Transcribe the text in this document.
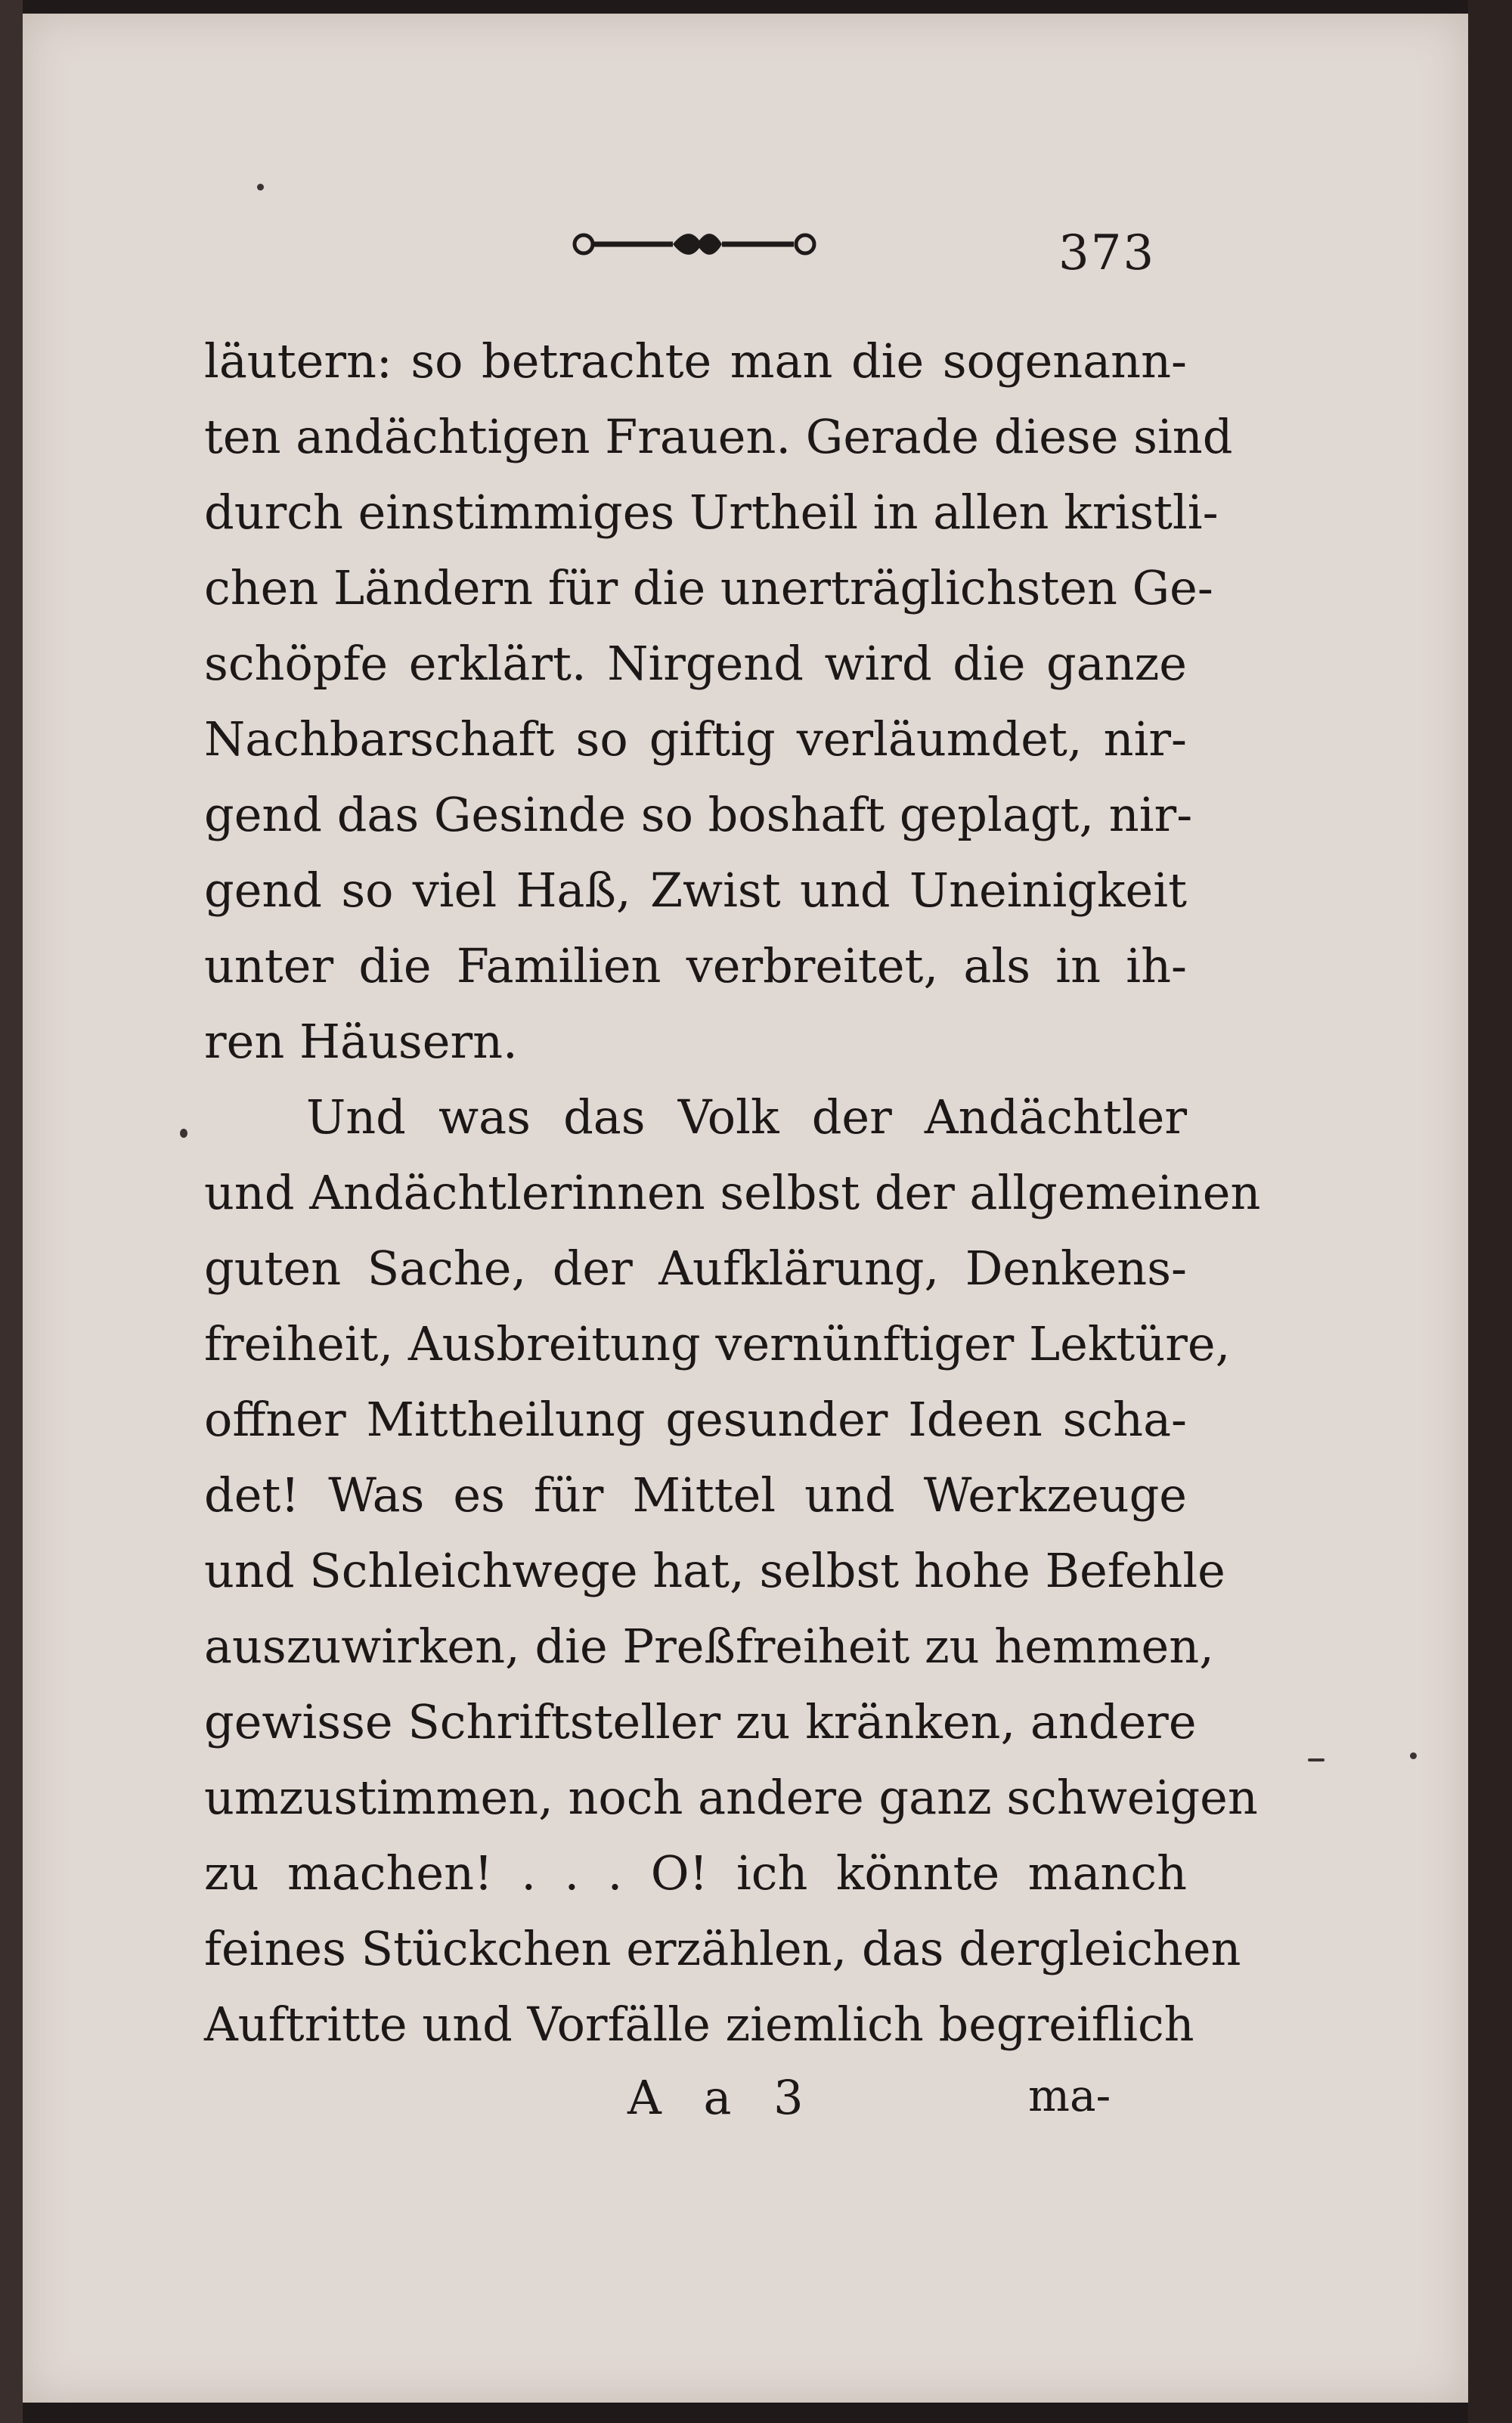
373
läutern: so betrachte man die sogenann-
ten andächtigen Frauen. Gerade diese sind
durch einstimmiges Urtheil in allen kristli-
chen Ländern für die unerträglichsten Ge-
schöpfe erklärt. Nirgend wird die ganze
Nachbarschaft so giftig verläumdet, nir-
gend das Gesinde so boshaft geplagt, nir-
gend so viel Haß, Zwist und Uneinigkeit
unter die Familien verbreitet, als in ih-
ren Häusern.
Und was das Volk der Andächtler
und Andächtlerinnen selbst der allgemeinen
guten Sache, der Aufklärung, Denkens-
freiheit, Ausbreitung vernünftiger Lektüre,
offner Mittheilung gesunder Ideen scha-
det! Was es für Mittel und Werkzeuge
und Schleichwege hat, selbst hohe Befehle
auszuwirken, die Preßfreiheit zu hemmen,
gewisse Schriftsteller zu kränken, andere
umzustimmen, noch andere ganz schweigen
zu machen! . . . O! ich könnte manch
feines Stückchen erzählen, das dergleichen
Auftritte und Vorfälle ziemlich begreiflich
A a 3	ma-
